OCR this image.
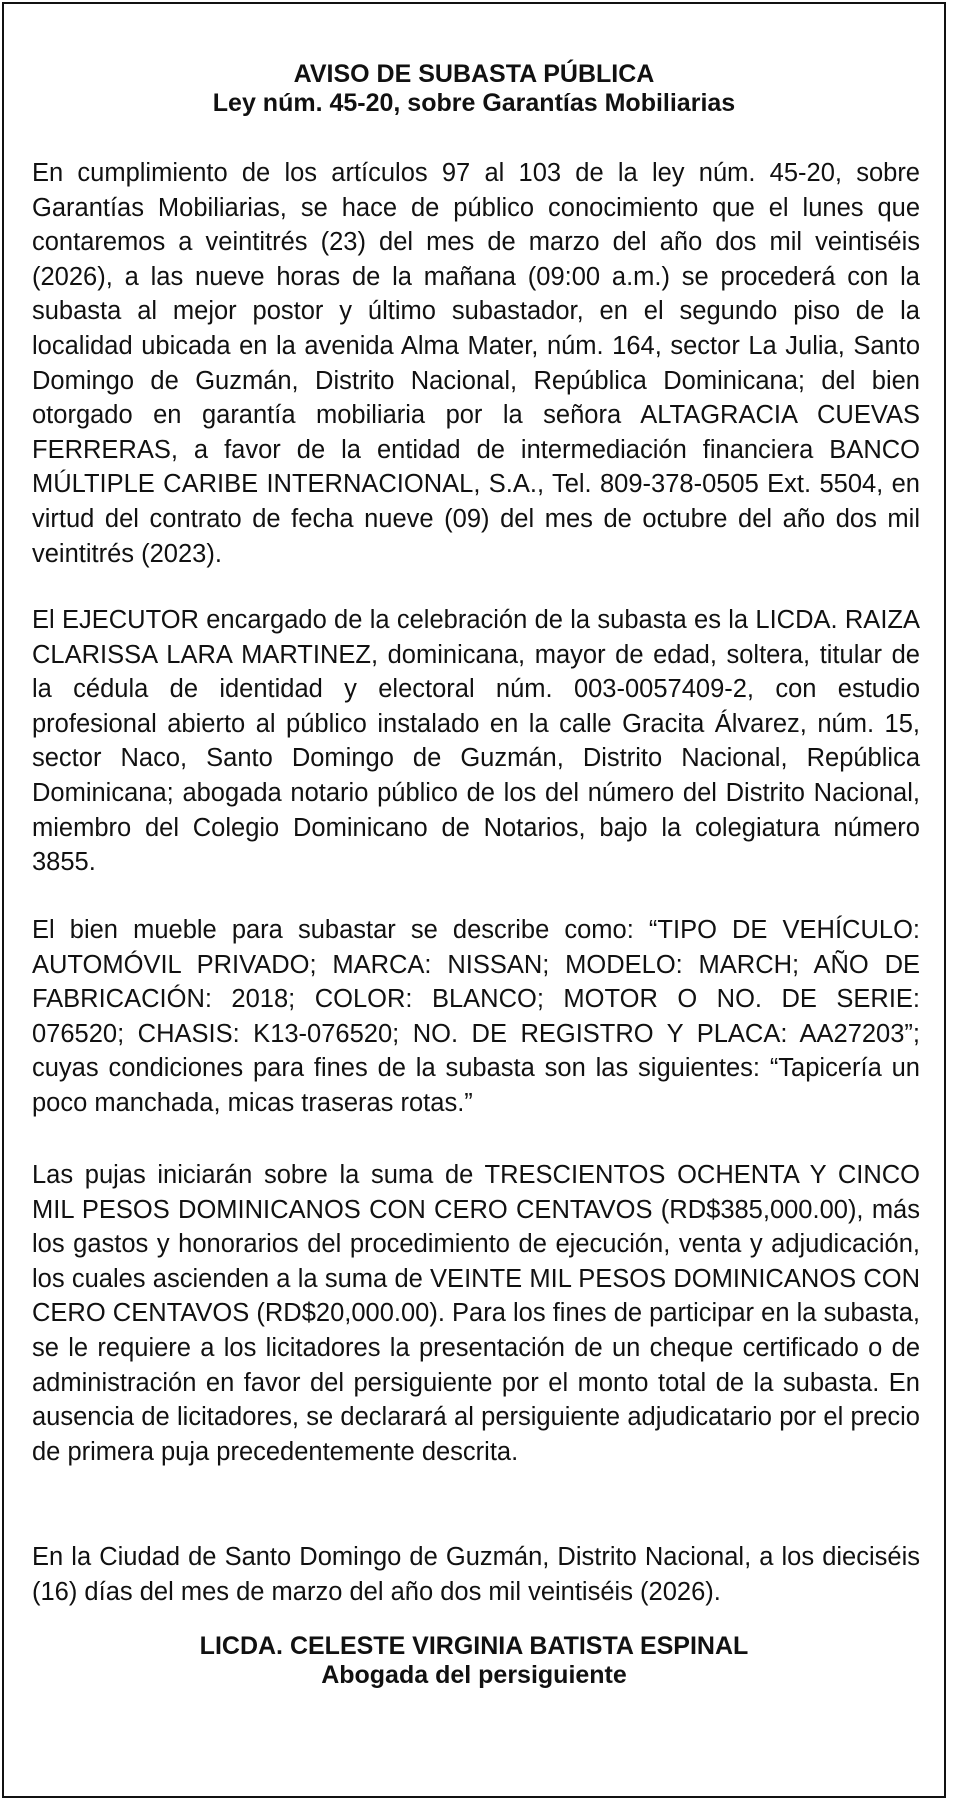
AVISO DE SUBASTA PÚBLICA
Ley núm. 45-20, sobre Garantías Mobiliarias

En cumplimiento de los artículos 97 al 103 de la ley núm. 45-20, sobre Garantías Mobiliarias, se hace de público conocimiento que el lunes que contaremos a veintitrés (23) del mes de marzo del año dos mil veintiséis (2026), a las nueve horas de la mañana (09:00 a.m.) se procederá con la subasta al mejor postor y último subastador, en el segundo piso de la localidad ubicada en la avenida Alma Mater, núm. 164, sector La Julia, Santo Domingo de Guzmán, Distrito Nacional, República Dominicana; del bien otorgado en garantía mobiliaria por la señora ALTAGRACIA CUEVAS FERRERAS, a favor de la entidad de intermediación financiera BANCO MÚLTIPLE CARIBE INTERNACIONAL, S.A., Tel. 809-378-0505 Ext. 5504, en virtud del contrato de fecha nueve (09) del mes de octubre del año dos mil veintitrés (2023).

El EJECUTOR encargado de la celebración de la subasta es la LICDA. RAIZA CLARISSA LARA MARTINEZ, dominicana, mayor de edad, soltera, titular de la cédula de identidad y electoral núm. 003-0057409-2, con estudio profesional abierto al público instalado en la calle Gracita Álvarez, núm. 15, sector Naco, Santo Domingo de Guzmán, Distrito Nacional, República Dominicana; abogada notario público de los del número del Distrito Nacional, miembro del Colegio Dominicano de Notarios, bajo la colegiatura número 3855.

El bien mueble para subastar se describe como: “TIPO DE VEHÍCULO: AUTOMÓVIL PRIVADO; MARCA: NISSAN; MODELO: MARCH; AÑO DE FABRICACIÓN: 2018; COLOR: BLANCO; MOTOR O NO. DE SERIE: 076520; CHASIS: K13-076520; NO. DE REGISTRO Y PLACA: AA27203”; cuyas condiciones para fines de la subasta son las siguientes: “Tapicería un poco manchada, micas traseras rotas.”

Las pujas iniciarán sobre la suma de TRESCIENTOS OCHENTA Y CINCO MIL PESOS DOMINICANOS CON CERO CENTAVOS (RD$385,000.00), más los gastos y honorarios del procedimiento de ejecución, venta y adjudicación, los cuales ascienden a la suma de VEINTE MIL PESOS DOMINICANOS CON CERO CENTAVOS (RD$20,000.00). Para los fines de participar en la subasta, se le requiere a los licitadores la presentación de un cheque certificado o de administración en favor del persiguiente por el monto total de la subasta. En ausencia de licitadores, se declarará al persiguiente adjudicatario por el precio de primera puja precedentemente descrita.

En la Ciudad de Santo Domingo de Guzmán, Distrito Nacional, a los dieciséis (16) días del mes de marzo del año dos mil veintiséis (2026).

LICDA. CELESTE VIRGINIA BATISTA ESPINAL
Abogada del persiguiente
